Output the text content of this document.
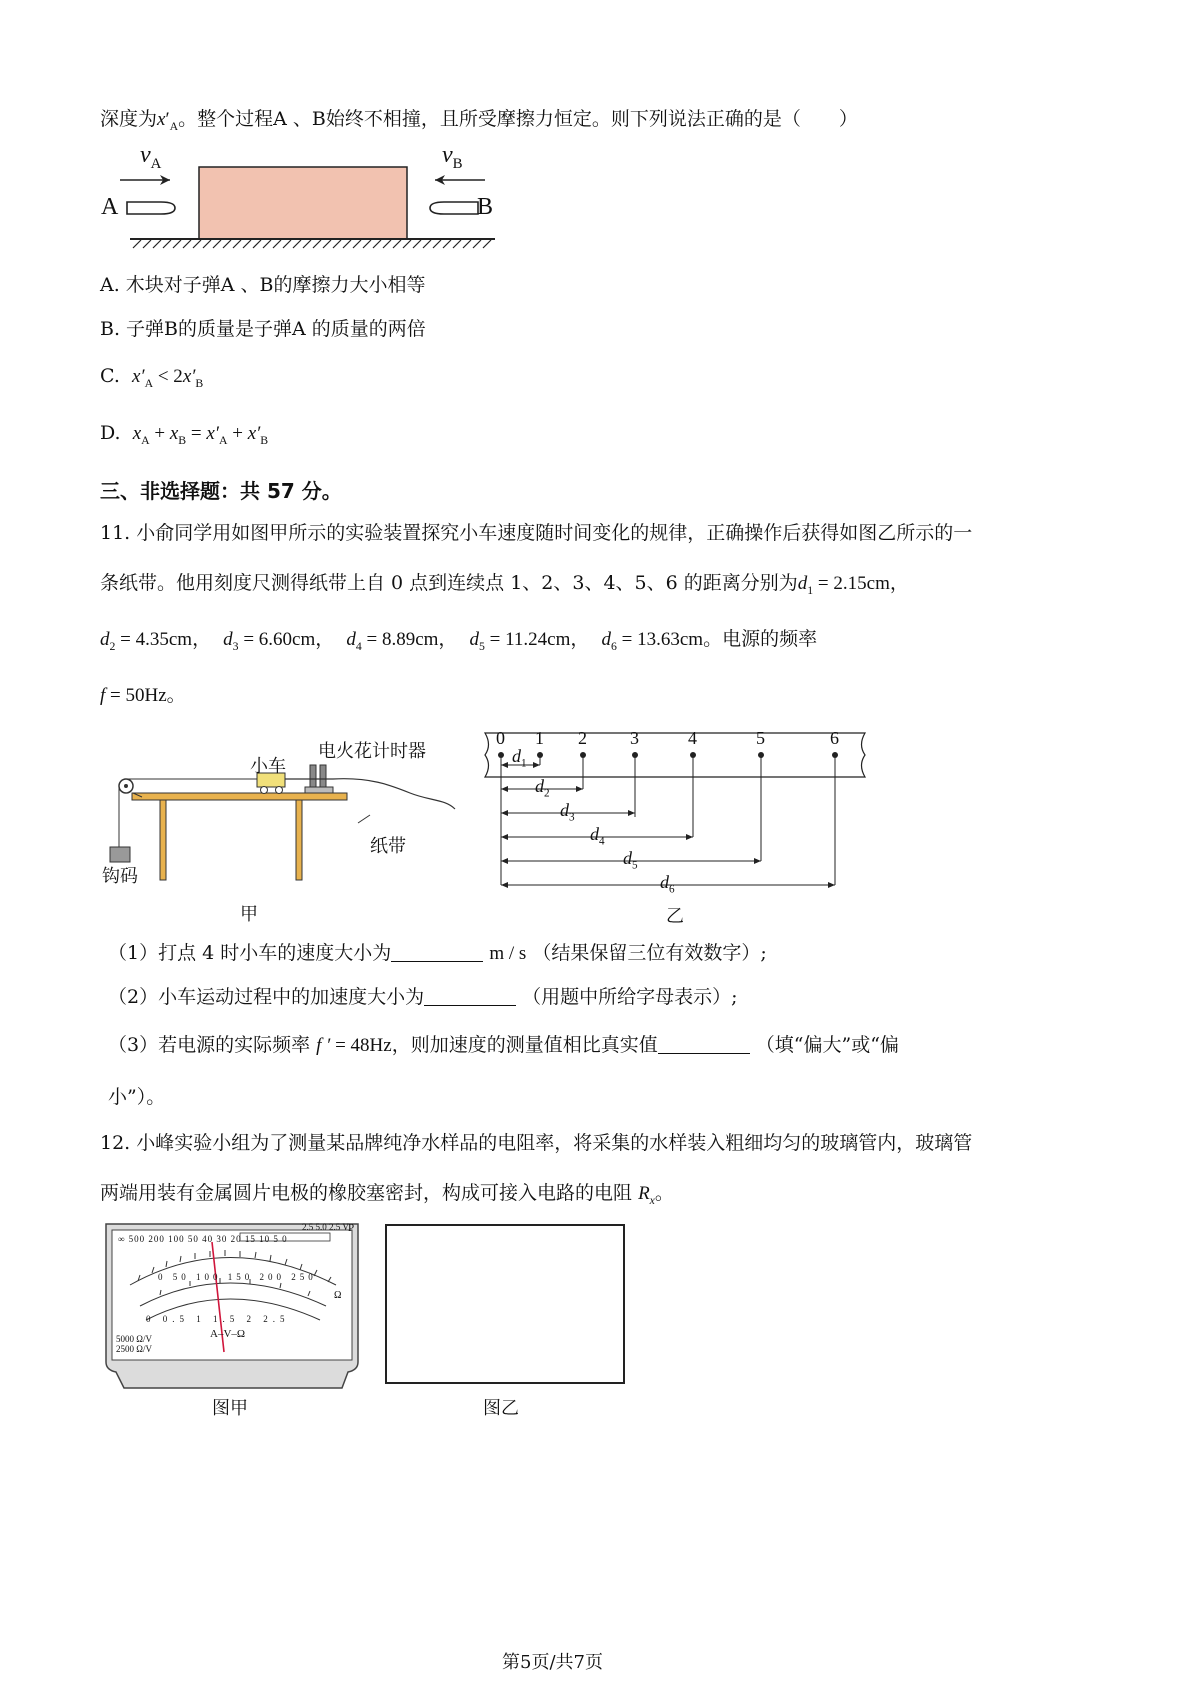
深度为$x'_A$。整个过程A 、B始终不相撞，且所受摩擦力恒定。则下列说法正确的是（　　）
A	B
$v_A$	$v_B$
A. 木块对子弹A 、B的摩擦力大小相等
B. 子弹B的质量是子弹A 的质量的两倍
C. $x'_A < 2x'_B$
D. $x_A + x_B = x'_A + x'_B$
三、非选择题：共 57 分。
11. 小俞同学用如图甲所示的实验装置探究小车速度随时间变化的规律，正确操作后获得如图乙所示的一
条纸带。他用刻度尺测得纸带上自 0 点到连续点 1、2、3、4、5、6 的距离分别为$d_1 = 2.15cm$，
$d_2 = 4.35cm$， $d_3 = 6.60cm$， $d_4 = 8.89cm$， $d_5 = 11.24cm$， $d_6 = 13.63cm$。电源的频率
f = 50Hz。
小车
电火花计时器
钩码
纸带
甲
0 1 2 3	4	5	6
$d_1$
$d_2$
$d_3$
$d_4$
$d_5$
$d_6$
乙
（1）打点 4 时小车的速度大小为	m / s （结果保留三位有效数字）;
（2）小车运动过程中的加速度大小为	（用题中所给字母表示）;
（3）若电源的实际频率 f ′ = 48Hz，则加速度的测量值相比真实值	（填“偏大”或“偏
小”）。
12. 小峰实验小组为了测量某品牌纯净水样品的电阻率，将采集的水样装入粗细均匀的玻璃管内，玻璃管
两端用装有金属圆片电极的橡胶塞密封，构成可接入电路的电阻 $R_x$。
∞ 500 200 100 50 40 30 20 15 10 5 0
2.5 5.0 2.5 V P
Ω
0 50 100 150 200 250
0 0.5 1 1.5 2 2.5
A–V–Ω
5000 Ω/V
2500 Ω/V
图甲	图乙
第5页/共7页
